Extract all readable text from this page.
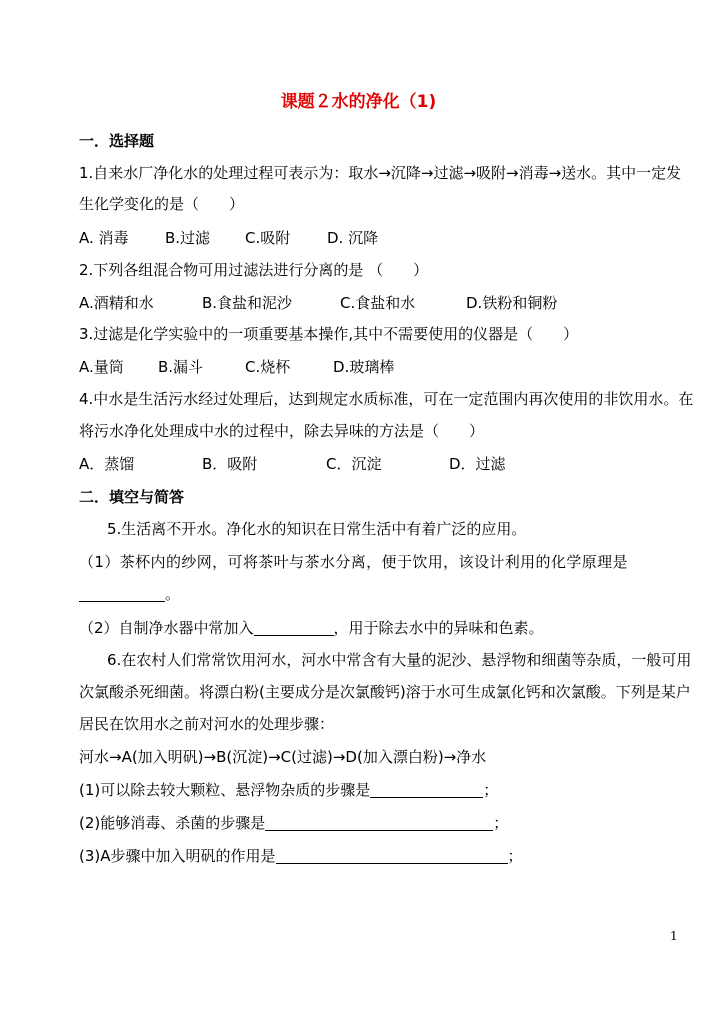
课题２水的净化（1)
一．选择题
1.自来水厂净化水的处理过程可表示为：取水→沉降→过滤→吸附→消毒→送水。其中一定发
生化学变化的是（　　）
A. 消毒 B.过滤 C.吸附 D. 沉降
2.下列各组混合物可用过滤法进行分离的是 （　　）
A.酒精和水	B.食盐和泥沙	C.食盐和水	D.铁粉和铜粉
3.过滤是化学实验中的一项重要基本操作,其中不需要使用的仪器是（　　）
A.量筒 B.漏斗	C.烧杯	D.玻璃棒
4.中水是生活污水经过处理后，达到规定水质标准，可在一定范围内再次使用的非饮用水。在
将污水净化处理成中水的过程中，除去异味的方法是（　　）
A．蒸馏	B．吸附	C．沉淀	D．过滤
二．填空与简答
5.生活离不开水。净化水的知识在日常生活中有着广泛的应用。
（1）茶杯内的纱网，可将茶叶与茶水分离，便于饮用，该设计利用的化学原理是
。
（2）自制净水器中常加入	，用于除去水中的异味和色素。
6.在农村人们常常饮用河水，河水中常含有大量的泥沙、悬浮物和细菌等杂质，一般可用
次氯酸杀死细菌。将漂白粉(主要成分是次氯酸钙)溶于水可生成氯化钙和次氯酸。下列是某户
居民在饮用水之前对河水的处理步骤：
河水→A(加入明矾)→B(沉淀)→C(过滤)→D(加入漂白粉)→净水
(1)可以除去较大颗粒、悬浮物杂质的步骤是	；
(2)能够消毒、杀菌的步骤是	；
(3)A步骤中加入明矾的作用是	；
1
